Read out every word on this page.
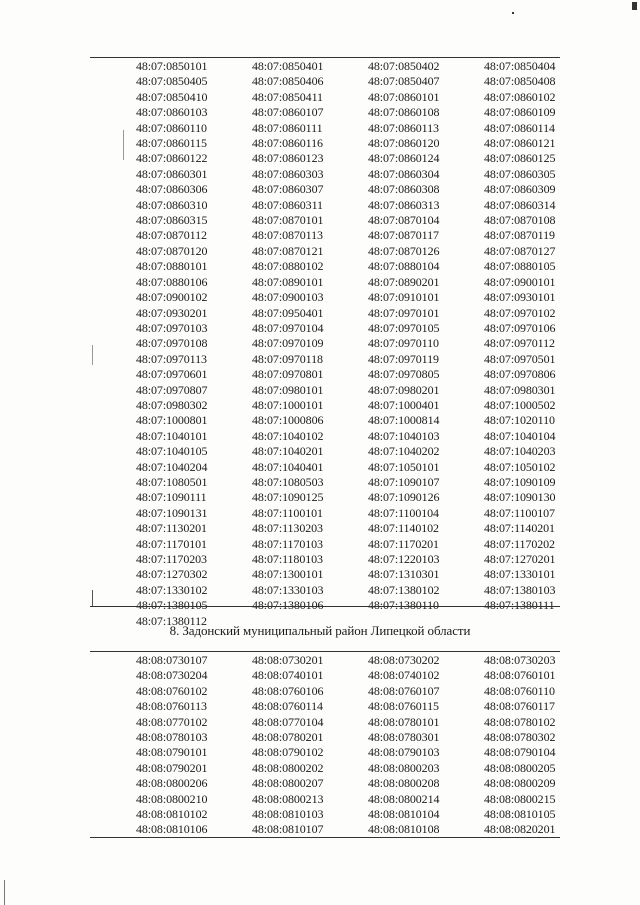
48:07:0850101	48:07:0850401	48:07:0850402	48:07:0850404
48:07:0850405	48:07:0850406	48:07:0850407	48:07:0850408
48:07:0850410	48:07:0850411	48:07:0860101	48:07:0860102
48:07:0860103	48:07:0860107	48:07:0860108	48:07:0860109
48:07:0860110	48:07:0860111	48:07:0860113	48:07:0860114
48:07:0860115	48:07:0860116	48:07:0860120	48:07:0860121
48:07:0860122	48:07:0860123	48:07:0860124	48:07:0860125
48:07:0860301	48:07:0860303	48:07:0860304	48:07:0860305
48:07:0860306	48:07:0860307	48:07:0860308	48:07:0860309
48:07:0860310	48:07:0860311	48:07:0860313	48:07:0860314
48:07:0860315	48:07:0870101	48:07:0870104	48:07:0870108
48:07:0870112	48:07:0870113	48:07:0870117	48:07:0870119
48:07:0870120	48:07:0870121	48:07:0870126	48:07:0870127
48:07:0880101	48:07:0880102	48:07:0880104	48:07:0880105
48:07:0880106	48:07:0890101	48:07:0890201	48:07:0900101
48:07:0900102	48:07:0900103	48:07:0910101	48:07:0930101
48:07:0930201	48:07:0950401	48:07:0970101	48:07:0970102
48:07:0970103	48:07:0970104	48:07:0970105	48:07:0970106
48:07:0970108	48:07:0970109	48:07:0970110	48:07:0970112
48:07:0970113	48:07:0970118	48:07:0970119	48:07:0970501
48:07:0970601	48:07:0970801	48:07:0970805	48:07:0970806
48:07:0970807	48:07:0980101	48:07:0980201	48:07:0980301
48:07:0980302	48:07:1000101	48:07:1000401	48:07:1000502
48:07:1000801	48:07:1000806	48:07:1000814	48:07:1020110
48:07:1040101	48:07:1040102	48:07:1040103	48:07:1040104
48:07:1040105	48:07:1040201	48:07:1040202	48:07:1040203
48:07:1040204	48:07:1040401	48:07:1050101	48:07:1050102
48:07:1080501	48:07:1080503	48:07:1090107	48:07:1090109
48:07:1090111	48:07:1090125	48:07:1090126	48:07:1090130
48:07:1090131	48:07:1100101	48:07:1100104	48:07:1100107
48:07:1130201	48:07:1130203	48:07:1140102	48:07:1140201
48:07:1170101	48:07:1170103	48:07:1170201	48:07:1170202
48:07:1170203	48:07:1180103	48:07:1220103	48:07:1270201
48:07:1270302	48:07:1300101	48:07:1310301	48:07:1330101
48:07:1330102	48:07:1330103	48:07:1380102	48:07:1380103
48:07:1380105	48:07:1380106	48:07:1380110	48:07:1380111
48:07:1380112			
8. Задонский муниципальный район Липецкой области
48:08:0730107	48:08:0730201	48:08:0730202	48:08:0730203
48:08:0730204	48:08:0740101	48:08:0740102	48:08:0760101
48:08:0760102	48:08:0760106	48:08:0760107	48:08:0760110
48:08:0760113	48:08:0760114	48:08:0760115	48:08:0760117
48:08:0770102	48:08:0770104	48:08:0780101	48:08:0780102
48:08:0780103	48:08:0780201	48:08:0780301	48:08:0780302
48:08:0790101	48:08:0790102	48:08:0790103	48:08:0790104
48:08:0790201	48:08:0800202	48:08:0800203	48:08:0800205
48:08:0800206	48:08:0800207	48:08:0800208	48:08:0800209
48:08:0800210	48:08:0800213	48:08:0800214	48:08:0800215
48:08:0810102	48:08:0810103	48:08:0810104	48:08:0810105
48:08:0810106	48:08:0810107	48:08:0810108	48:08:0820201
